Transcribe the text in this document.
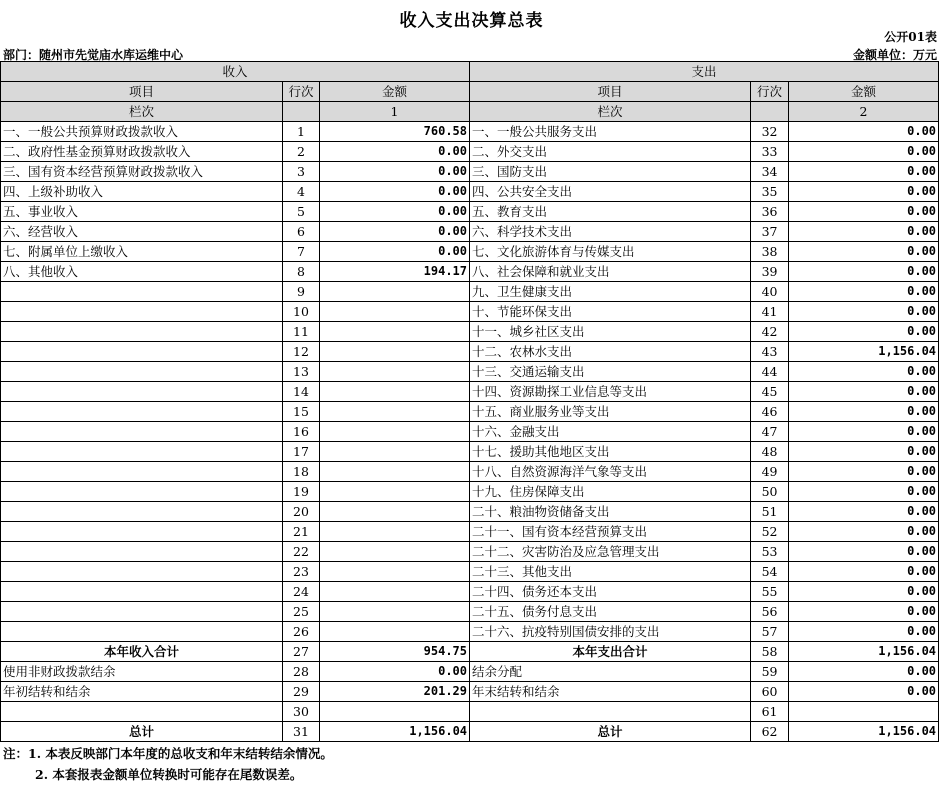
收入支出决算总表
公开01表
部门：随州市先觉庙水库运维中心	金额单位：万元
收入			支出		
项目	行次	金额	项目	行次	金额
栏次		1	栏次		2
一、一般公共预算财政拨款收入	1	760.58	一、一般公共服务支出	32	0.00
二、政府性基金预算财政拨款收入	2	0.00	二、外交支出	33	0.00
三、国有资本经营预算财政拨款收入	3	0.00	三、国防支出	34	0.00
四、上级补助收入	4	0.00	四、公共安全支出	35	0.00
五、事业收入	5	0.00	五、教育支出	36	0.00
六、经营收入	6	0.00	六、科学技术支出	37	0.00
七、附属单位上缴收入	7	0.00	七、文化旅游体育与传媒支出	38	0.00
八、其他收入	8	194.17	八、社会保障和就业支出	39	0.00
	9		九、卫生健康支出	40	0.00
	10		十、节能环保支出	41	0.00
	11		十一、城乡社区支出	42	0.00
	12		十二、农林水支出	43	1,156.04
	13		十三、交通运输支出	44	0.00
	14		十四、资源勘探工业信息等支出	45	0.00
	15		十五、商业服务业等支出	46	0.00
	16		十六、金融支出	47	0.00
	17		十七、援助其他地区支出	48	0.00
	18		十八、自然资源海洋气象等支出	49	0.00
	19		十九、住房保障支出	50	0.00
	20		二十、粮油物资储备支出	51	0.00
	21		二十一、国有资本经营预算支出	52	0.00
	22		二十二、灾害防治及应急管理支出	53	0.00
	23		二十三、其他支出	54	0.00
	24		二十四、债务还本支出	55	0.00
	25		二十五、债务付息支出	56	0.00
	26		二十六、抗疫特别国债安排的支出	57	0.00
本年收入合计	27	954.75	本年支出合计	58	1,156.04
使用非财政拨款结余	28	0.00	结余分配	59	0.00
年初结转和结余	29	201.29	年末结转和结余	60	0.00
	30			61	
总计	31	1,156.04	总计	62	1,156.04
注：1. 本表反映部门本年度的总收支和年末结转结余情况。
2. 本套报表金额单位转换时可能存在尾数误差。
